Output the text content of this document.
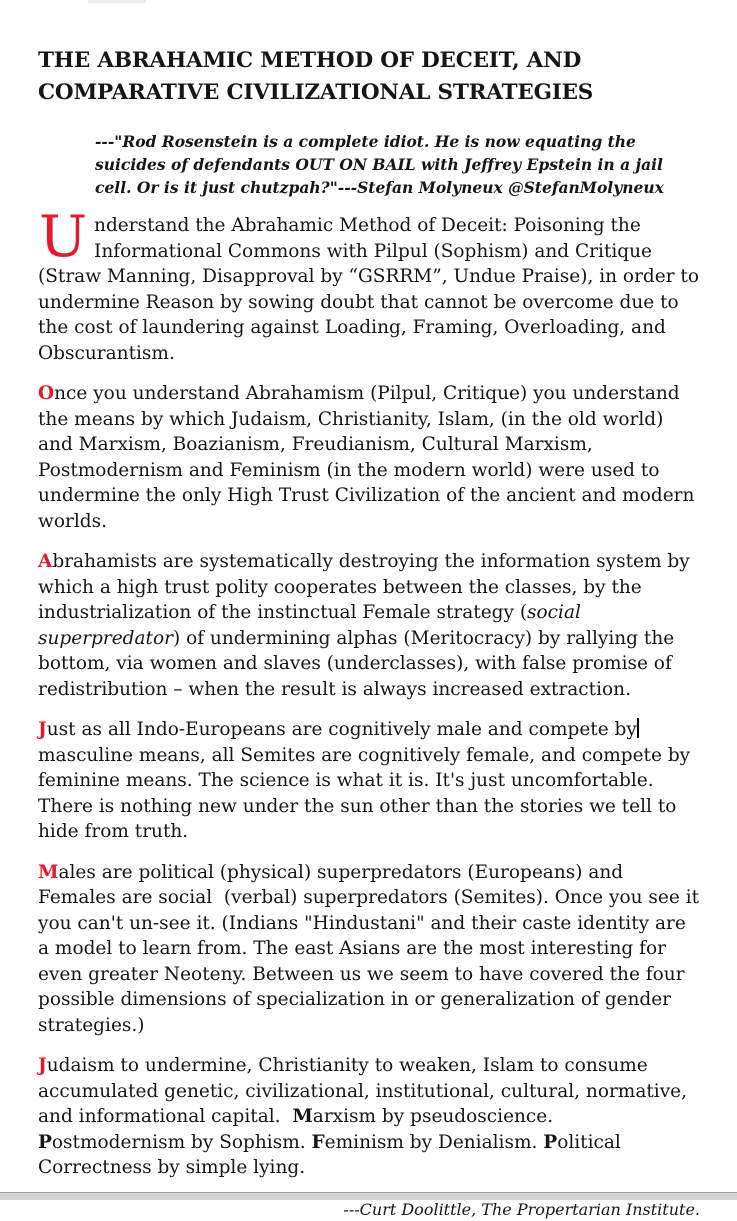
THE ABRAHAMIC METHOD OF DECEIT, AND COMPARATIVE CIVILIZATIONAL STRATEGIES
---"Rod Rosenstein is a complete idiot. He is now equating the suicides of defendants OUT ON BAIL with Jeffrey Epstein in a jail cell. Or is it just chutzpah?"---Stefan Molyneux @StefanMolyneux

Understand the Abrahamic Method of Deceit: Poisoning the Informational Commons with Pilpul (Sophism) and Critique (Straw Manning, Disapproval by “GSRRM”, Undue Praise), in order to undermine Reason by sowing doubt that cannot be overcome due to the cost of laundering against Loading, Framing, Overloading, and Obscurantism.

Once you understand Abrahamism (Pilpul, Critique) you understand the means by which Judaism, Christianity, Islam, (in the old world) and Marxism, Boazianism, Freudianism, Cultural Marxism, Postmodernism and Feminism (in the modern world) were used to undermine the only High Trust Civilization of the ancient and modern worlds.

Abrahamists are systematically destroying the information system by which a high trust polity cooperates between the classes, by the industrialization of the instinctual Female strategy (social superpredator) of undermining alphas (Meritocracy) by rallying the bottom, via women and slaves (underclasses), with false promise of redistribution – when the result is always increased extraction.

Just as all Indo-Europeans are cognitively male and compete by masculine means, all Semites are cognitively female, and compete by feminine means. The science is what it is. It's just uncomfortable. There is nothing new under the sun other than the stories we tell to hide from truth.

Males are political (physical) superpredators (Europeans) and Females are social  (verbal) superpredators (Semites). Once you see it you can't un-see it. (Indians "Hindustani" and their caste identity are a model to learn from. The east Asians are the most interesting for even greater Neoteny. Between us we seem to have covered the four possible dimensions of specialization in or generalization of gender strategies.)

Judaism to undermine, Christianity to weaken, Islam to consume accumulated genetic, civilizational, institutional, cultural, normative, and informational capital.  Marxism by pseudoscience. Postmodernism by Sophism. Feminism by Denialism. Political Correctness by simple lying.

---Curt Doolittle, The Propertarian Institute.
